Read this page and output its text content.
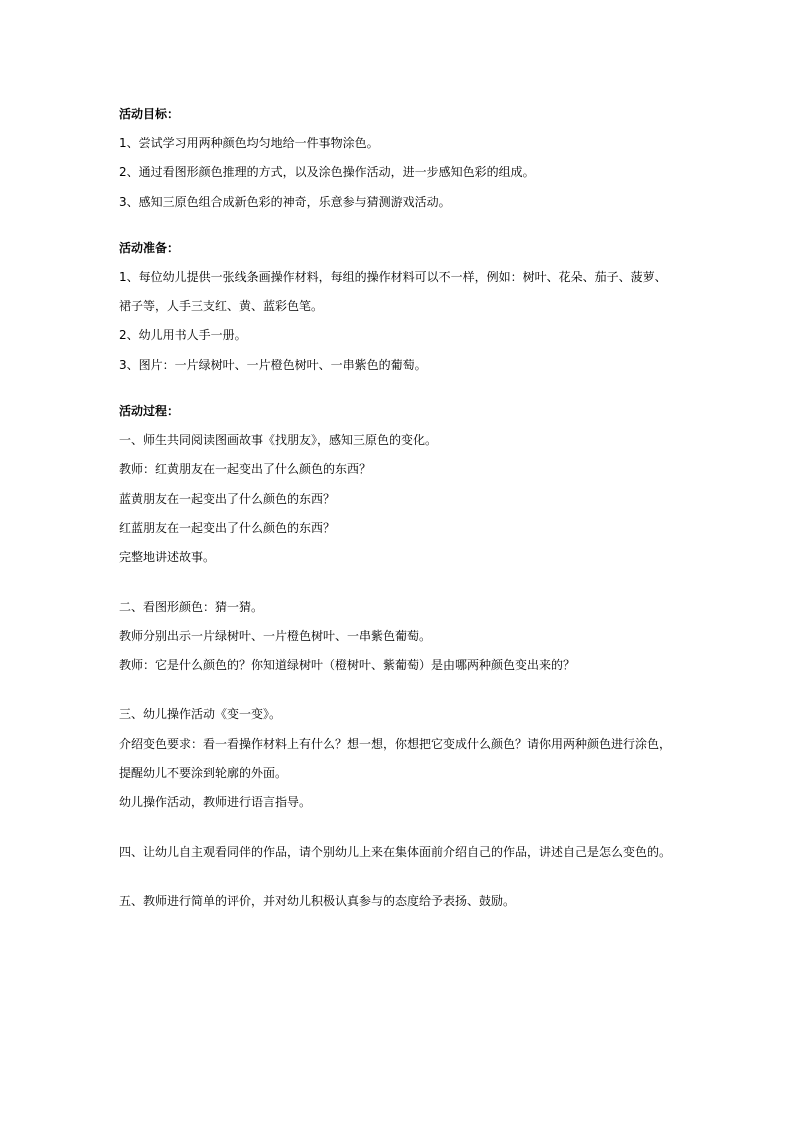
活动目标：
1、尝试学习用两种颜色均匀地给一件事物涂色。
2、通过看图形颜色推理的方式，以及涂色操作活动，进一步感知色彩的组成。
3、感知三原色组合成新色彩的神奇，乐意参与猜测游戏活动。
活动准备：
1、每位幼儿提供一张线条画操作材料，每组的操作材料可以不一样，例如：树叶、花朵、茄子、菠萝、裙子等，人手三支红、黄、蓝彩色笔。
2、幼儿用书人手一册。
3、图片：一片绿树叶、一片橙色树叶、一串紫色的葡萄。
活动过程：
一、师生共同阅读图画故事《找朋友》，感知三原色的变化。
教师：红黄朋友在一起变出了什么颜色的东西？
蓝黄朋友在一起变出了什么颜色的东西？
红蓝朋友在一起变出了什么颜色的东西？
完整地讲述故事。
二、看图形颜色：猜一猜。
教师分别出示一片绿树叶、一片橙色树叶、一串紫色葡萄。
教师：它是什么颜色的？你知道绿树叶（橙树叶、紫葡萄）是由哪两种颜色变出来的？
三、幼儿操作活动《变一变》。
介绍变色要求：看一看操作材料上有什么？想一想，你想把它变成什么颜色？请你用两种颜色进行涂色，提醒幼儿不要涂到轮廓的外面。
幼儿操作活动，教师进行语言指导。
四、让幼儿自主观看同伴的作品，请个别幼儿上来在集体面前介绍自己的作品，讲述自己是怎么变色的。
五、教师进行简单的评价，并对幼儿积极认真参与的态度给予表扬、鼓励。
